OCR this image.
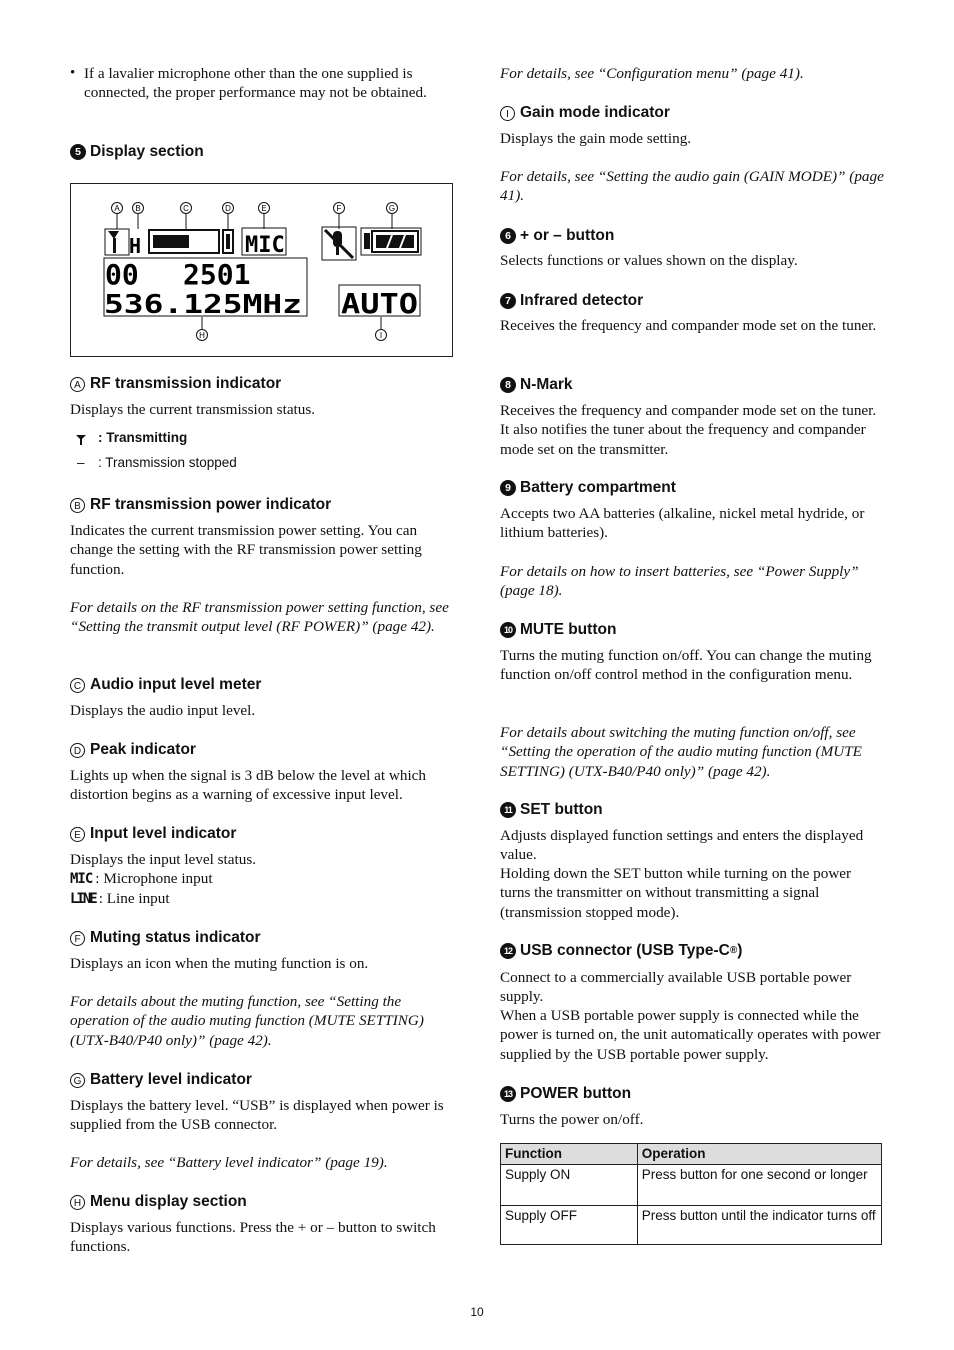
• If a lavalier microphone other than the one supplied is connected, the proper performance may not be obtained.

5 Display section
A B	C	D	E	F	G
H	I
H	MIC
00 2501
536.125MHz AUTO
A RF transmission indicator

Displays the current transmission status.

: Transmitting
– : Transmission stopped
B RF transmission power indicator

Indicates the current transmission power setting. You can change the setting with the RF transmission power setting function.

For details on the RF transmission power setting function, see “Setting the transmit output level (RF POWER)” (page 42).

C Audio input level meter

Displays the audio input level.

D Peak indicator

Lights up when the signal is 3 dB below the level at which distortion begins as a warning of excessive input level.

E Input level indicator

Displays the input level status.

MIC : Microphone input

LINE : Line input

F Muting status indicator

Displays an icon when the muting function is on.

For details about the muting function, see “Setting the operation of the audio muting function (MUTE SETTING) (UTX-B40/P40 only)” (page 42).

G Battery level indicator

Displays the battery level. “USB” is displayed when power is supplied from the USB connector.

For details, see “Battery level indicator” (page 19).

H Menu display section

Displays various functions. Press the + or – button to switch functions.

For details, see “Configuration menu” (page 41).

I Gain mode indicator

Displays the gain mode setting.

For details, see “Setting the audio gain (GAIN MODE)” (page 41).

6 + or – button

Selects functions or values shown on the display.

7 Infrared detector

Receives the frequency and compander mode set on the tuner.

8 N-Mark

Receives the frequency and compander mode set on the tuner. It also notifies the tuner about the frequency and compander mode set on the transmitter.

9 Battery compartment

Accepts two AA batteries (alkaline, nickel metal hydride, or lithium batteries).

For details on how to insert batteries, see “Power Supply” (page 18).

10 MUTE button

Turns the muting function on/off. You can change the muting function on/off control method in the configuration menu.

For details about switching the muting function on/off, see “Setting the operation of the audio muting function (MUTE SETTING) (UTX-B40/P40 only)” (page 42).

11 SET button

Adjusts displayed function settings and enters the displayed value.

Holding down the SET button while turning on the power turns the transmitter on without transmitting a signal (transmission stopped mode).

12 USB connector (USB Type-C ® )

Connect to a commercially available USB portable power supply.

When a USB portable power supply is connected while the power is turned on, the unit automatically operates with power supplied by the USB portable power supply.

13 POWER button

Turns the power on/off.

Function	Operation
Supply ON	Press button for one second or longer
Supply OFF	Press button until the indicator turns off
10
